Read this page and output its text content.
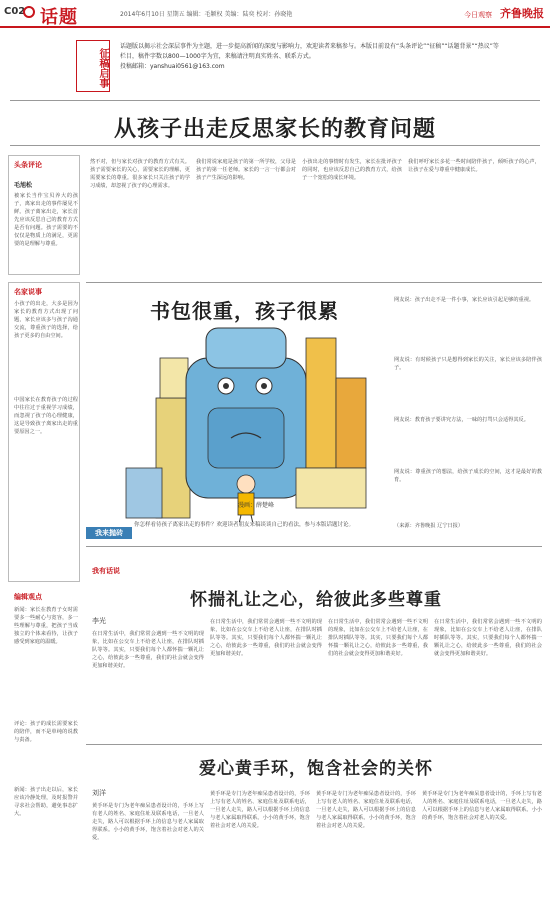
C02 话题	2014年6月10日 星期五 编辑：毛颖权 美编：陆奕 校对：孙晓艳	今日观察 齐鲁晚报
征稿启事
话题版以揭示社会深层事件为主题，进一步提高新闻的深度与影响力，欢迎读者来稿参与。本版目前设有“头条评论”“征稿”“话题背景”“热议”等栏目，稿件字数以800—1000字为宜，来稿请注明真实姓名、联系方式。
投稿邮箱：yanshuai0561@163.com
从孩子出走反思家长的教育问题
头条评论
毛旭松
被家长当作宝贝养大的孩子，离家出走的事件屡见不鲜。孩子离家出走，家长首先应该反思自己的教育方式是否有问题。孩子需要的不仅仅是物质上的满足，更需要的是理解与尊重。
名家说事
小孩子的出走，大多是因为家长的教育方式出现了问题，家长应该多与孩子沟通交流，尊重孩子的选择，给孩子更多的自由空间。
中国家长在教育孩子的过程中往往过于重视学习成绩，而忽视了孩子的心理健康，这是导致孩子离家出走的重要原因之一。
编辑观点
新闻：家长在教育子女时需要多一些耐心与宽容，多一些理解与尊重，把孩子当成独立的个体来看待，让孩子感受到家庭的温暖。
评论：孩子的成长需要家长的陪伴，而不是单纯的说教与责备。
新闻：孩子出走以后，家长应该冷静处理，及时报警并寻求社会帮助，避免事态扩大。
然不对，但与家长对孩子的教育方式有关。孩子需要家长的关心，需要家长的理解，更需要家长的尊重。很多家长只关注孩子的学习成绩，却忽视了孩子的心理需求。
我们常说家庭是孩子的第一所学校，父母是孩子的第一任老师。家长的一言一行都会对孩子产生深远的影响。
小孩出走的事情时有发生，家长在批评孩子的同时，也应该反思自己的教育方式，给孩子一个宽松的成长环境。
我们呼吁家长多花一些时间陪伴孩子，倾听孩子的心声，让孩子在爱与尊重中健康成长。
书包很重，孩子很累
漫画：薛楚峰
我来抛砖
你怎样看待孩子离家出走的事件？欢迎读者朋友来稿谈谈自己的看法，参与本版话题讨论。
网友说：孩子出走不是一件小事，家长应该引起足够的重视。
网友说：有时候孩子只是想得到家长的关注，家长应该多陪伴孩子。
网友说：教育孩子要讲究方法，一味的打骂只会适得其反。
网友说：尊重孩子的想法，给孩子成长的空间，这才是最好的教育。
（来源：齐鲁晚报 辽宁日报）
我有话说
怀揣礼让之心，给彼此多些尊重
李光
在日常生活中，我们常常会遇到一些不文明的现象，比如在公交车上不给老人让座，在排队时插队等等。其实，只要我们每个人都怀揣一颗礼让之心，给彼此多一些尊重，我们的社会就会变得更加和谐美好。
在日常生活中，我们常常会遇到一些不文明的现象，比如在公交车上不给老人让座，在排队时插队等等。其实，只要我们每个人都怀揣一颗礼让之心，给彼此多一些尊重，我们的社会就会变得更加和谐美好。
在日常生活中，我们常常会遇到一些不文明的现象，比如在公交车上不给老人让座，在排队时插队等等。其实，只要我们每个人都怀揣一颗礼让之心，给彼此多一些尊重，我们的社会就会变得更加和谐美好。
在日常生活中，我们常常会遇到一些不文明的现象，比如在公交车上不给老人让座，在排队时插队等等。其实，只要我们每个人都怀揣一颗礼让之心，给彼此多一些尊重，我们的社会就会变得更加和谐美好。
爱心黄手环，饱含社会的关怀
刘洋
黄手环是专门为老年痴呆患者设计的，手环上写有老人的姓名、家庭住址及联系电话，一旦老人走失，路人可以根据手环上的信息与老人家属取得联系。小小的黄手环，饱含着社会对老人的关爱。
黄手环是专门为老年痴呆患者设计的，手环上写有老人的姓名、家庭住址及联系电话，一旦老人走失，路人可以根据手环上的信息与老人家属取得联系。小小的黄手环，饱含着社会对老人的关爱。
黄手环是专门为老年痴呆患者设计的，手环上写有老人的姓名、家庭住址及联系电话，一旦老人走失，路人可以根据手环上的信息与老人家属取得联系。小小的黄手环，饱含着社会对老人的关爱。
黄手环是专门为老年痴呆患者设计的，手环上写有老人的姓名、家庭住址及联系电话，一旦老人走失，路人可以根据手环上的信息与老人家属取得联系。小小的黄手环，饱含着社会对老人的关爱。
